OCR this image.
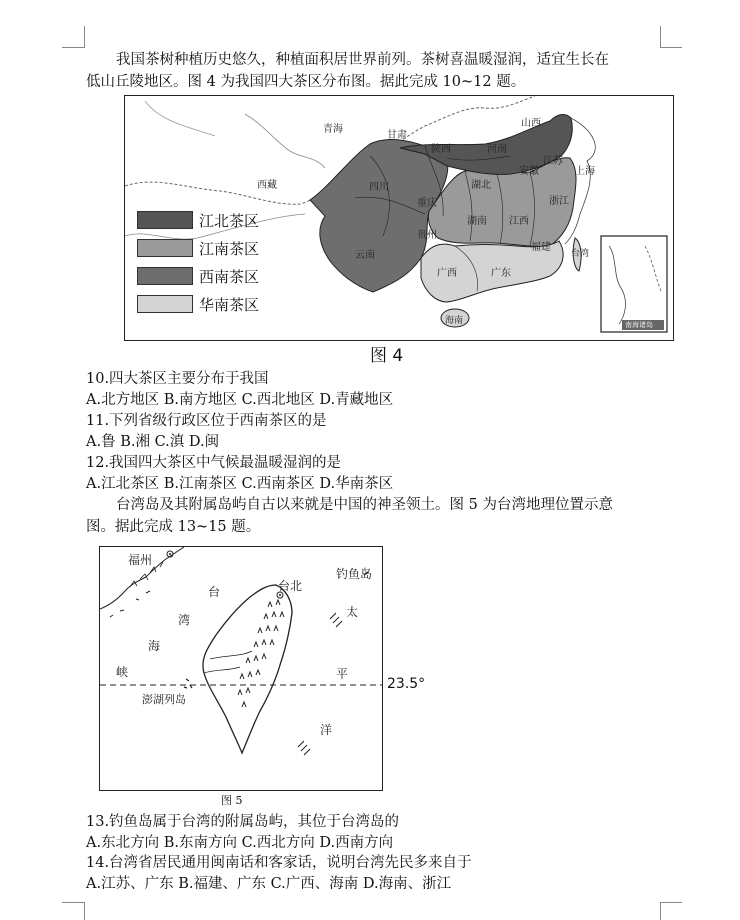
我国茶树种植历史悠久，种植面积居世界前列。茶树喜温暖湿润，适宜生长在
低山丘陵地区。图 4 为我国四大茶区分布图。据此完成 10~12 题。
青海
甘肃
山西
河南
陕西
江苏
安徽	上海
西藏	四川	湖北
浙江
重庆
贵州
湖南 江西
福建
云南
广西	广东
台湾
海南	南海诸岛
江北茶区
江南茶区
西南茶区
华南茶区
图 4
10.四大茶区主要分布于我国
A.北方地区 B.南方地区 C.西北地区 D.青藏地区
11.下列省级行政区位于西南茶区的是
A.鲁 B.湘 C.滇 D.闽
12.我国四大茶区中气候最温暖湿润的是
A.江北茶区 B.江南茶区 C.西南茶区 D.华南茶区
台湾岛及其附属岛屿自古以来就是中国的神圣领土。图 5 为台湾地理位置示意
图。据此完成 13~15 题。
福州
台北
钓鱼岛
台
湾
海
峡
太
平
洋
澎湖列岛
23.5°
图 5
13.钓鱼岛属于台湾的附属岛屿，其位于台湾岛的
A.东北方向 B.东南方向 C.西北方向 D.西南方向
14.台湾省居民通用闽南话和客家话，说明台湾先民多来自于
A.江苏、广东 B.福建、广东 C.广西、海南 D.海南、浙江
